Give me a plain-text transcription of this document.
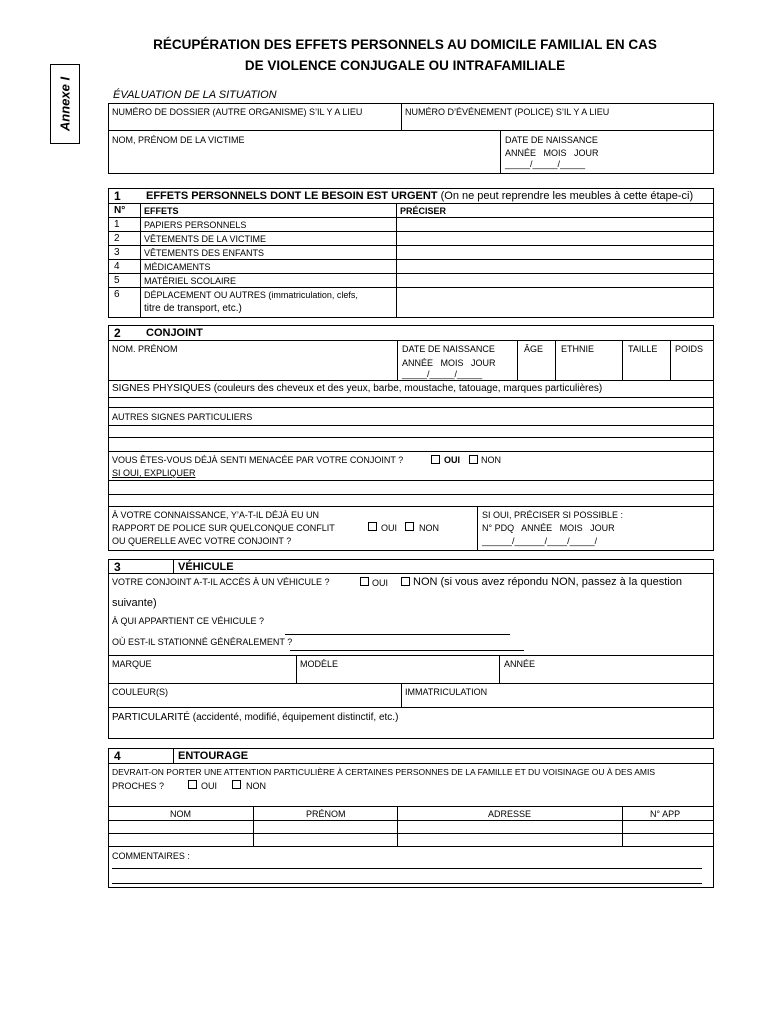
Annexe I
RÉCUPÉRATION DES EFFETS PERSONNELS AU DOMICILE FAMILIAL EN CAS
DE VIOLENCE CONJUGALE OU INTRAFAMILIALE
ÉVALUATION DE LA SITUATION
NUMÉRO DE DOSSIER (AUTRE ORGANISME) S’IL Y A LIEU	NUMÉRO D’ÉVÉNEMENT (POLICE) S’IL Y A LIEU
NOM, PRÉNOM DE LA VICTIME	DATE DE NAISSANCE
ANNÉE   MOIS   JOUR
_____/_____/_____
1 EFFETS PERSONNELS DONT LE BESOIN EST URGENT (On ne peut reprendre les meubles à cette étape-ci)
N° EFFETS	PRÉCISER
1	PAPIERS PERSONNELS
2	VÊTEMENTS DE LA VICTIME
3	VÊTEMENTS DES ENFANTS
4	MÉDICAMENTS
5	MATÉRIEL SCOLAIRE
6	DÉPLACEMENT OU AUTRES (immatriculation, clefs,
titre de transport, etc.)
2 CONJOINT
NOM. PRÉNOM	DATE DE NAISSANCE
ANNÉE   MOIS   JOUR
_____/_____/_____
ÂGE ETHNIE	TAILLE POIDS
SIGNES PHYSIQUES (couleurs des cheveux et des yeux, barbe, moustache, tatouage, marques particulières)
AUTRES SIGNES PARTICULIERS
VOUS ÊTES-VOUS DÉJÀ SENTI MENACÉE PAR VOTRE CONJOINT ?	OUI NON
SI OUI, EXPLIQUER
À VOTRE CONNAISSANCE, Y’A-T-IL DÉJÀ EU UN
RAPPORT DE POLICE SUR QUELCONQUE CONFLIT
OU QUERELLE AVEC VOTRE CONJOINT ?
OUI NON
SI OUI, PRÉCISER SI POSSIBLE :
N° PDQ   ANNÉE   MOIS   JOUR
______/______/____/_____/
3	VÉHICULE
VOTRE CONJOINT A-T-IL ACCÈS À UN VÉHICULE ?	OUI NON (si vous avez répondu NON, passez à la question
suivante)
À QUI APPARTIENT CE VÉHICULE ?
OÙ EST-IL STATIONNÉ GÉNÉRALEMENT ?
MARQUE	MODÈLE	ANNÉE
COULEUR(S)	IMMATRICULATION
PARTICULARITÉ (accidenté, modifié, équipement distinctif, etc.)
4	ENTOURAGE
DEVRAIT-ON PORTER UNE ATTENTION PARTICULIÈRE À CERTAINES PERSONNES DE LA FAMILLE ET DU VOISINAGE OU À DES AMIS
PROCHES ?	OUI	NON
NOM	PRÉNOM	ADRESSE	N° APP
COMMENTAIRES :
